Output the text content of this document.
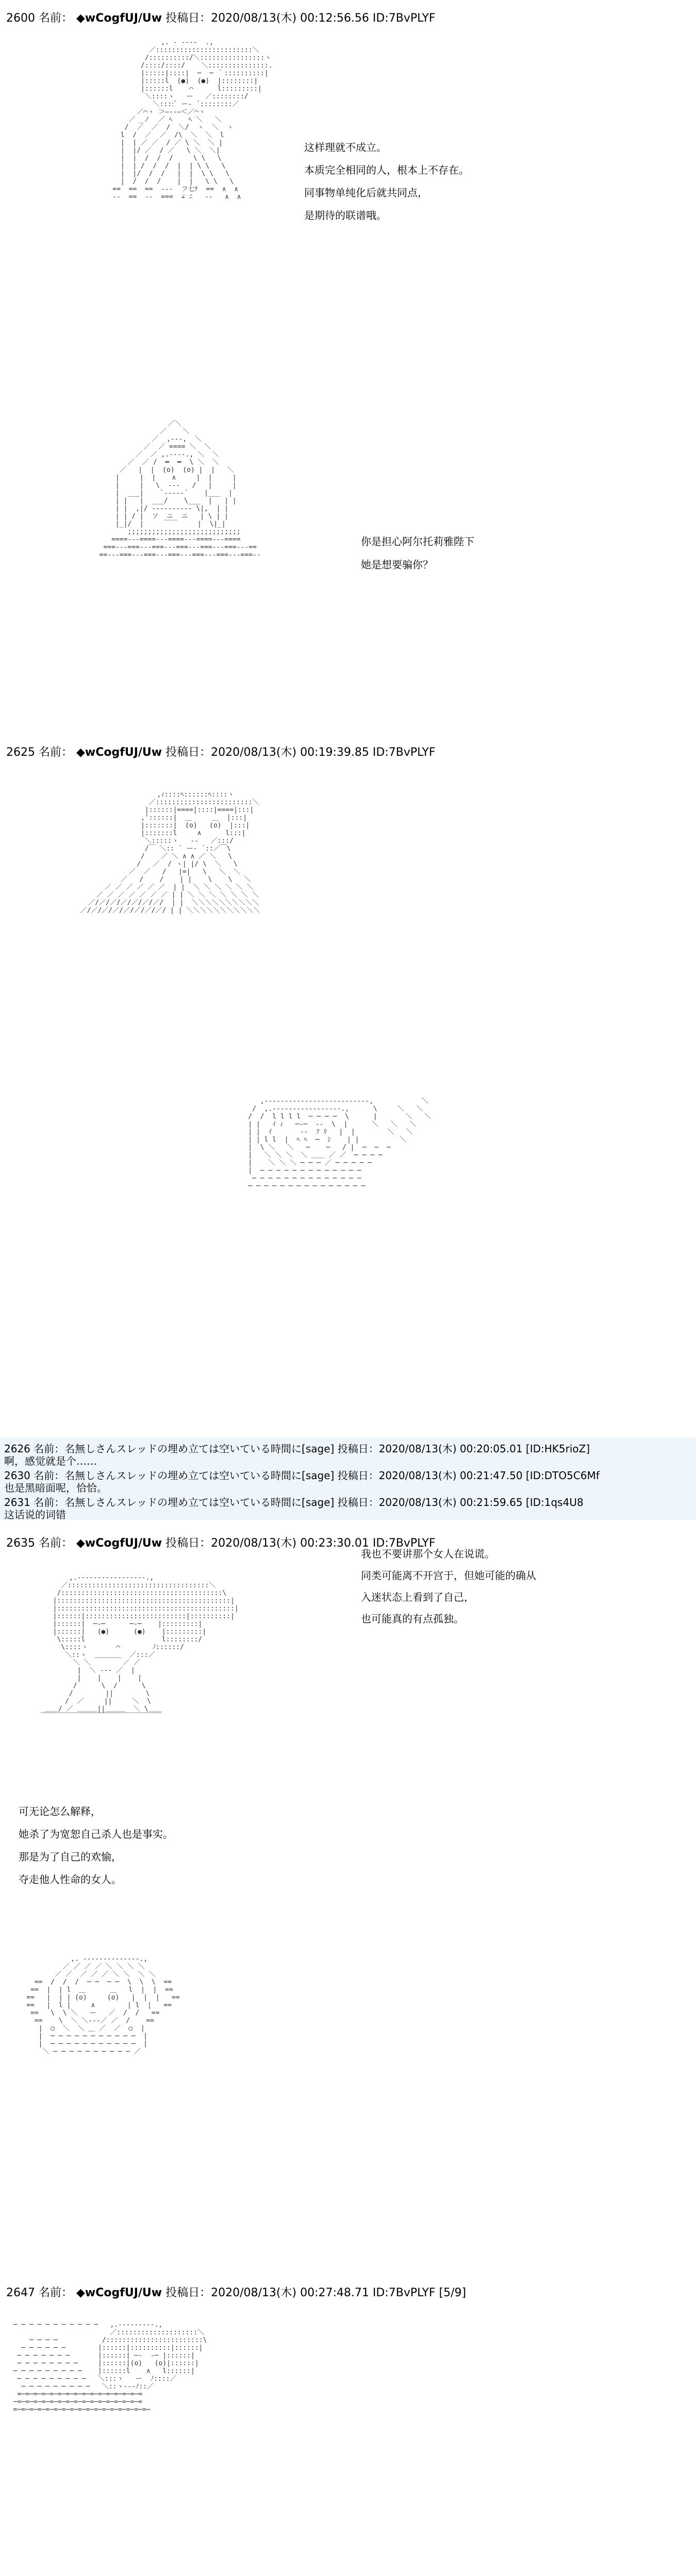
2600 名前： ◆wCogfUJ/Uw 投稿日：2020/08/13(木) 00:12:56.56 ID:7BvPLYF

,. - ‐‐‐-  .,
／::::::::::::::::::::::::＼
/::::::::::/＼::::::::::::::::ヽ
/::::/::::/    ＼:::::::::::::::.
|:::::|::::|  ─  ─ ｀::::::::::|
|:::::l  (●)  (●)  |::::::::|
|::::::l    ⌒      l:::::::::|
＼::::ヽ   ー   ／::::::::/
＼::::ﾞ ー‐ ´::::::::／
／⌒ヽ ＞―‐‐―＜／⌒ヽ
／ _ノ  ／ ﾍ    ﾍ ＼   ＼
/  ／  ／  /  ＼/  ヽ  ＼  ヽ
l  /  ／  ／  /\  ＼  ＼  l
|  | ／ ／  / ／ \ ＼  ＼ |
|  |/ ／  / ／   \ ＼  ＼|
|  |  /  /  /     \ \   \
|  | /  /  /  |  | \ \   \
|  |/  /  /   |  |  \ \   \
|  /  /  /    |  |   \ \   \
==  ==  ==  ---  フ七ﾅ  ==  ∧  ∧
--  ==  --  ===  ∠ ﾆ   --   ∧  ∧

这样理就不成立。
本质完全相同的人，根本上不存在。
同事物单纯化后就共同点，
是期待的联谱哦。

／＼
／    ＼
／  ,-‐-,  ＼
／  ／ ==== ＼  ＼
／  ／ ,.-‐‐-., ＼  ＼
／  ／ /  ━  ━  \ ＼  ＼
／   |  |  (o)  (o) |  |   ＼
|     |  |    ∧     |  |     |
|     |   \  ‐‐‐   /   |     |
|  ___|    `‐-‐-‐´    |___  |
| |   |  ___/    \___  |   | |
| |  ,|/ -‐‐‐‐‐‐‐‐‐ \|,  | |
| | / |  ソ  ニ  ニ   | \ | |
|_|/  |     ￣￣     |  \|_|
;;;;;;;;;;;;;;;;;;;;;;;;;;;;
====---====---====---====---====
===---===---===---===---===---===---==
==---===---===---===---===---===---===--

你是担心阿尔托莉雅陛下
她是想要骗你？
2625 名前： ◆wCogfUJ/Uw 投稿日：2020/08/13(木) 00:19:39.85 ID:7BvPLYF

,ｨ::::ﾍ::::::ﾍ::::ヽ
／::::::::::::::::::::::::＼
|::::::|====|::::|====|:::|
,'::::::|  ＿     ＿  |:::|
|:::::::|  (o)   (o)  |:::|
|:::::::l     ∧      l:::|
＼:::::ヽ   ‐‐   ／:::/
/￣ ＼:: ` ー‐ ´::／￣\
/    ／ ＼ ∧ ∧ ／ ＼   \
/   ／  / ヽ| |/ \  ＼   \
／  ／   /   |=|   \   ＼  ＼
／   /    /    | |    \    \   ＼
／ ／ ／ ／ ／ ／  | |  ＼ ＼ ＼ ＼ ＼ ＼
／ ／ ／ ／ ／ ／ ／ | | ＼ ＼ ＼ ＼ ＼ ＼ ＼
／/／/／/／/／/／/／/  | |  ＼＼＼＼＼＼＼＼＼＼
／/／/／/／/／/／/／/／/ | | ＼＼＼＼＼＼＼＼＼＼＼

我也不要讲那个女人在说谎。
同类可能离不开宫于，但她可能的确从
入迷状态上看到了自己，
也可能真的有点孤独。

,-‐‐‐‐‐‐‐‐‐‐‐‐‐‐‐‐‐‐‐‐‐‐‐‐-,            ＼
/  ,.-‐‐‐‐‐‐‐‐‐‐‐‐‐‐‐-.,      \     ＼   ＼
/  /  l l l l  ─ ─ ─ ─  \      |       ＼   ＼
| |   ｲ ｨ   ─‐─  ‐‐  \  |      ＼   ＼   ＼
| |  ｲ       ‐‐  ﾌ ﾘ   |  |        ＼   ＼
| | l l  |  ﾍ ﾍ  ─  ｼ    | |          ＼
|  \ ＼   ＼   ─    ─   / |  ─  ─  ─
|   ＼ ＼ ＼  ＼ ＿＿ ／ ／  ─ ─ ─ ─
|    ＼ ＼ ＼ ─ ─ ─ ／ ─ ─ ─ ─ ─
|  ─ ─ ─ ─ ─ ─ ─ ─ ─ ─ ─ ─ ─
─ ─ ─ ─ ─ ─ ─ ─ ─ ─ ─ ─ ─ ─
─ ─ ─ ─ ─ ─ ─ ─ ─ ─ ─ ─ ─ ─ ─

可无论怎么解释，
她杀了为宽恕自己杀人也是事实。
那是为了自己的欢愉，
夺走他人性命的女人。
2626 名前：名無しさんスレッドの埋め立ては空いている時間に[sage] 投稿日：2020/08/13(木) 00:20:05.01 [ID:HK5rioZ]
啊，感觉就是个……
2630 名前：名無しさんスレッドの埋め立ては空いている時間に[sage] 投稿日：2020/08/13(木) 00:21:47.50 [ID:DTO5C6Mf
也是黑暗面呢，恰恰。
2631 名前：名無しさんスレッドの埋め立ては空いている時間に[sage] 投稿日：2020/08/13(木) 00:21:59.65 [ID:1qs4U8
这话说的词错
2635 名前： ◆wCogfUJ/Uw 投稿日：2020/08/13(木) 00:23:30.01 ID:7BvPLYF

,.-‐‐‐‐‐‐‐‐‐‐‐‐‐‐‐-.,
／:::::::::::::::::::::::::::::::::::＼
/::::::::::::::::::::::::::::::::::::::::\
|:::::::::::::::::::::::::::::::::::::::::::|
|::::::::::::::::::::::::::::::::::::::::::::|
|::::::|:::::::::::::::::::::::::|::::::::::|
|::::::|  ─‐─      ─‐─    |:::::::::|
|::::::|   (●)      (●)    |:::::::::|
\:::::l                   l::::::::/
\::::ヽ       ⌒        ﾉ::::::/
＼::ヽ  ＿＿＿＿  ／:::／
＼ ＼        ／ ／
|  ＼ ‐‐‐ ／  |
|    |    |    |
/      \  /      \
/        ||        \
/  ／     ||     ＼  \
＿＿/ ／ ＿＿＿||＿＿＿  ＼ \＿＿
￣￣￣￣￣￣￣￣￣￣￣￣￣￣￣￣￣￣

,. -‐‐‐‐‐‐‐‐‐‐‐‐-.,
／ ／ ／ ／ ＼ ＼ ＼ ＼
／ ／  ／ ／ ／ ＼ ＼  ＼ ＼
==  /  /  /  ─ ─  ─ ─  \  \  \  ==
==  |  | l  ＿      ＿   l  |  |  ==
==   |  | | (o)     (o)   |  |  |   ==
==   |  l |     ∧        | l  |   ==
==   \  \ ＼   ー   ／  /  /   ==
==    \  ＼ ＼‐‐‐／ ／  /    ==
|  ○  ＼  ＼ ＿ ／  ／  ○  |
|  ─ ─ ─ ─ ─ ─ ─ ─ ─ ─ ─  |
|  ─ ─ ─ ─ ─ ─ ─ ─ ─ ─ ─  |
＼ ─ ─ ─ ─ ─ ─ ─ ─ ─ ─ ／

2647 名前： ◆wCogfUJ/Uw 投稿日：2020/08/13(木) 00:27:48.71 ID:7BvPLYF [5/9]

─ ─ ─ ─ ─ ─ ─ ─ ─ ─ ─   ,.-‐‐‐‐‐‐‐-.,
／::::::::::::::::::::＼
─ ─ ─ ─           /::::::::::::::::::::::::\
─ ─ ─ ─ ─ ─        |::::::|::::::::::|::::::|
─ ─ ─ ─ ─ ─ ─       |::::::| ─‐  ‐─ |::::::|
─ ─ ─ ─ ─ ─ ─ ─     |::::::|(o)   (o)|::::::|
─ ─ ─ ─ ─ ─ ─ ─ ─    |::::::l    ∧   l::::::|
─ ─ ─ ─ ─ ─ ─ ─ ─   ＼:::ヽ   ー  ﾉ::::／
─ ─ ─ ─ ─ ─ ─ ─ ─   ＼::ヽ‐‐‐ﾉ::／
=─=─=─=─=─=─=─=─=─=─=─=─=─=─=─=
─=─=─=─=─=─=─=─=─=─=─=─=─=─=─=─=
=─=─=─=─=─=─=─=─=─=─=─=─=─=─=─=─=─
